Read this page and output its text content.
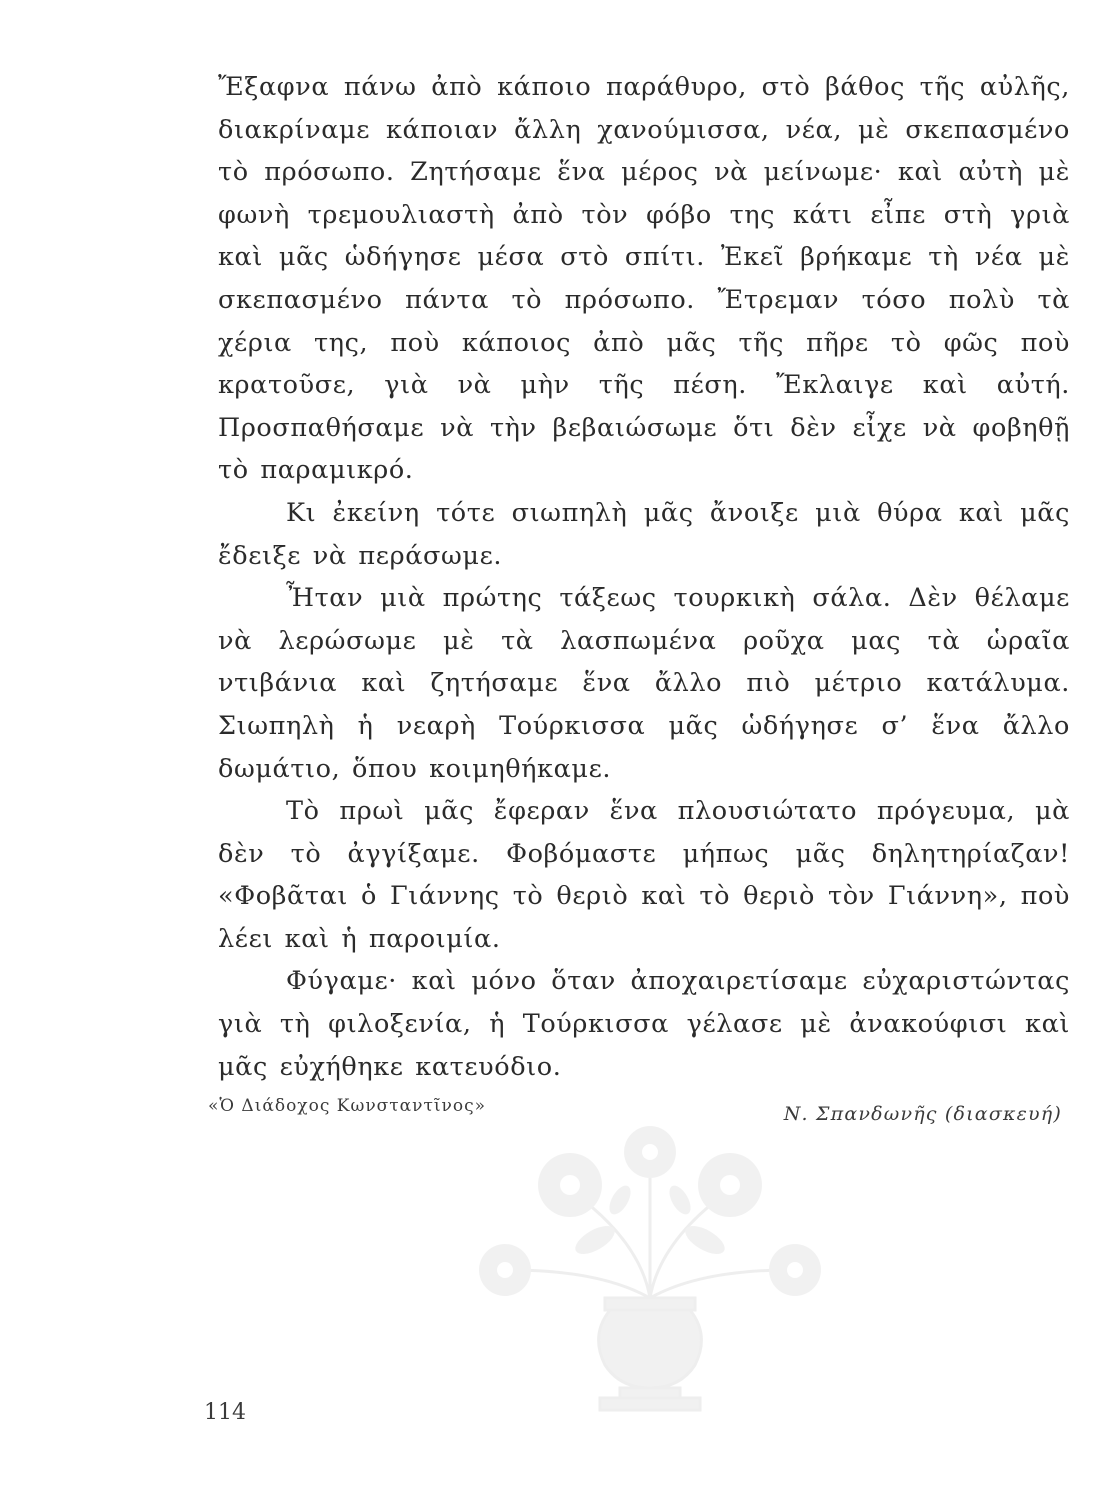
Ἔξαφνα πάνω ἀπὸ κάποιο παράθυρο, στὸ βάθος τῆς αὐλῆς, διακρίναμε κάποιαν ἄλλη χανούμισσα, νέα, μὲ σκεπασμένο τὸ πρόσωπο. Ζητήσαμε ἕνα μέρος νὰ μείνωμε· καὶ αὐτὴ μὲ φωνὴ τρεμουλιαστὴ ἀπὸ τὸν φόβο της κάτι εἶπε στὴ γριὰ καὶ μᾶς ὡδήγησε μέσα στὸ σπίτι. Ἐκεῖ βρήκαμε τὴ νέα μὲ σκεπασμένο πάντα τὸ πρόσωπο. Ἔτρεμαν τόσο πολὺ τὰ χέρια της, ποὺ κάποιος ἀπὸ μᾶς τῆς πῆρε τὸ φῶς ποὺ κρατοῦσε, γιὰ νὰ μὴν τῆς πέση. Ἔκλαιγε καὶ αὐτή. Προσπαθήσαμε νὰ τὴν βεβαιώσωμε ὅτι δὲν εἶχε νὰ φοβηθῇ τὸ παραμικρό.

Κι ἐκείνη τότε σιωπηλὴ μᾶς ἄνοιξε μιὰ θύρα καὶ μᾶς ἔδειξε νὰ περάσωμε.

Ἦταν μιὰ πρώτης τάξεως τουρκικὴ σάλα. Δὲν θέλαμε νὰ λερώσωμε μὲ τὰ λασπωμένα ροῦχα μας τὰ ὡραῖα ντιβάνια καὶ ζητήσαμε ἕνα ἄλλο πιὸ μέτριο κατάλυμα. Σιωπηλὴ ἡ νεαρὴ Τούρκισσα μᾶς ὡδήγησε σ’ ἕνα ἄλλο δωμάτιο, ὅπου κοιμηθήκαμε.

Τὸ πρωὶ μᾶς ἔφεραν ἕνα πλουσιώτατο πρόγευμα, μὰ δὲν τὸ ἀγγίξαμε. Φοβόμαστε μήπως μᾶς δηλητηρίαζαν! «Φοβᾶται ὁ Γιάννης τὸ θεριὸ καὶ τὸ θεριὸ τὸν Γιάννη», ποὺ λέει καὶ ἡ παροιμία.

Φύγαμε· καὶ μόνο ὅταν ἀποχαιρετίσαμε εὐχαριστώντας γιὰ τὴ φιλοξενία, ἡ Τούρκισσα γέλασε μὲ ἀνακούφισι καὶ μᾶς εὐχήθηκε κατευόδιο.

«Ὁ Διάδοχος Κωνσταντῖνος»	Ν. Σπανδωνῆς (διασκευή)
114
